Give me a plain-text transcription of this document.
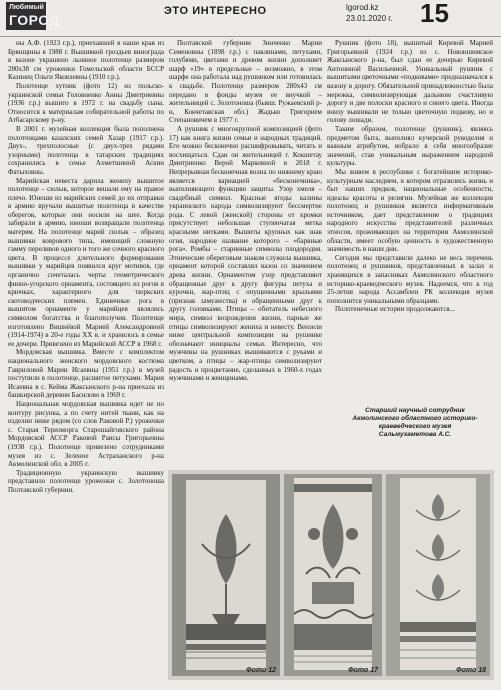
Любимый
ГОРОД
ЭТО ИНТЕРЕСНО	lgorod.kz
23.01.2020 г. 15

ны А.Ф. (1923 г.р.), приехавшей в наши края из Брянщины в 1988 г. Вышивкой гроздьев винограда в вазоне украшено льняное полотенце размером 280x38 см уроженки Гомельской области БССР Казинец Ольги Яковлевны (1910 г.р.).

Полотенце хутник (фото 12) из польско-украинской семьи Головненко Анны Дмитриевны (1936 г.р.) вышито в 1972 г. на свадьбу сына. Относится к материалам собирательной работы по Атбасарскому р-ну.

В 2001 г. музейная коллекция была пополнена полотенцами казахских семей Хазар (1917 г.р.). Двух-, трехполосные (с двух-трех рядами узорными) полотенца в татарских традициях сохранились в семье Ахметшиной Аскии Фатыховны.

Марийская невеста дарила жениху вышитое полотенце – сюлык, которое вешали ему на правое плечо. Юноши из марийских семей до их отправки в армию вручали вышитые полотенца в качестве оберегов, которые они носили на шее. Когда забирали в армию, юноши возвращали полотенца матерям. На полотенце марий сюлык – образец вышивки коврового типа, имеющий сложную гамму переливов одного и того же сочного красного цвета. В процессе длительного формирования вышивки у марийцев появился круг мотивов, где органично сочеталась черты геометрического финно-угорского орнамента, состоящего из рогов в крючках, характерного для тюркских скотоводческих племен. Единичные рога в вышитом орнаменте у марийцев являлись символом богатства и благополучия. Полотенце изготовлено Вишнёвой Марией Александровной (1914-1974) в 20-е годы XX в. и хранилось в семье ее дочери. Привезено из Марийской АССР в 1968 г.

Мордовская вышивка. Вместе с комплектом национального женского мордовского костюма Гавриловой Марии Исаевны (1951 г.р.) в музей поступили в полотенце, расшитое петухами. Мария Исаевна в с. Кейма Жаксынского р-на приехала из башкирской деревни Басилово в 1969 г.

Национальная мордовская вышивка идет не по контуру рисунка, а по счету нитей ткани, как на изделии ниже рядом (со слов Раковой Р.) уроженки с. Старая Теризморга Старошайговского района Мордовской АССР Раковой Раисы Григорьевны (1938 г.р.). Полотенце привезено сотрудниками музея из с. Зеленое Астраханского р-на Акмолинской обл. в 2005 г.

Традиционную украинскую вышивку представило полотенце уроженки с. Золотоноша Полтавской губернии.

Полтавской губернии Зинченко Марии Семеновны (1898 г.р.) с павлинами, петухами, голубями, цветами и древом жизни дополняет шарф «19» в предельные – возможно, в этом шарфе она работала над рушником или готовилась к свадьбе. Полотенце размером 280x43 см передано в фонды музея ее внучкой – жительницей с. Золотоноша (бывш. Ружаевский р-н, Кокчетавская обл.) Жадько Григорием Степановичем в 1977 г.

А рушник с многокрупной композицией (фото 17) как книга жизни семьи и народных традиций. Его можно бесконечно расшифровывать, читать и восхищаться. Сдан он жительницей г. Кокшетау Дмитриенко Верой Марковной в 2018 г. Непрерывная бесконечная волна по нижнему краю является вариацией «бесконечника», выполняющего функцию защиты. Узор хмеля – свадебный символ. Красные ягоды калины украинского народа символизируют бессмертие рода. С левой (женской) стороны от кромки присутствует небольшая ступенчатая метка красными нитками. Вышиты крупных как знак огня, народное название которого – «барвные рога». Ромбы – старинные символы плодородия. Этнические обереговым знаком служила вышивка, орнамент которой составлял вазон со значением древа жизни. Орнаментом узор представляют обращенные друг к другу фигуры петуха и курочки, жар-птиц с опущенными крыльями (признак замужества) и обращенными друг к другу головками. Птицы – обитатель небесного мира, символ возрождения жизни, парные же птицы символизируют жениха и невесту. Вензели ниже центральной композиции на рушнике обозначают инициалы семьи. Интересно, что мужчины на рушниках вышиваются с руками и цветком, а птицы – жар-птицы символизируют радость и процветание, сделанных в 1960-х годах мужчинами и женщинами.

Рушник (фото 18), вышитый Киревой Марией Григорьевной (1924 г.р.) из с. Новоишимское Жаксынского р-на, был сдан ее дочерью Киревой Антониной Васильевной. Уникальный рушник с вышитыми цветочными «подковами» предназначался к вазону в дорогу. Обязательной принадлежностью была мережка, символизирующая дальнюю счастливую дорогу и две полоски красного и синего цвета. Иногда внизу вышивали не только цветочную подкову, но и голову лошади.

Таким образом, полотенце (рушник), являясь предметом быта, выполнял кучерской рукоделия и важным атрибутом, вобрало в себя многообразие значений, став уникальным выражением народной культуры.

Мы живем в республике с богатейшим историко-культурным наследием, в котором отразились жизнь и быт наших предков, национальные особенности, идеалы красоты и религии. Музейная же коллекция полотенец и рушников является информативным источником, дает представление о традициях народного искусства представителей различных этносов, проживающих на территории Акмолинской области, имеет особую ценность в художественную значимость в наши дни.

Сегодня мы представили далеко не весь перечень полотенец и рушников, представленных в залах и хранящихся в запасниках Акмолинского областного историко-краеведческого музея. Надеемся, что к год 25-летия народа Ассамблеи РК коллекция музея пополнится уникальными образцами.

Полотенечные истории продолжаются...

Старший научный сотрудник
Акмолинского областного историко-краеведческого музея
Сальмухаметова А.С.
Фото 12	Фото 17	Фото 18
